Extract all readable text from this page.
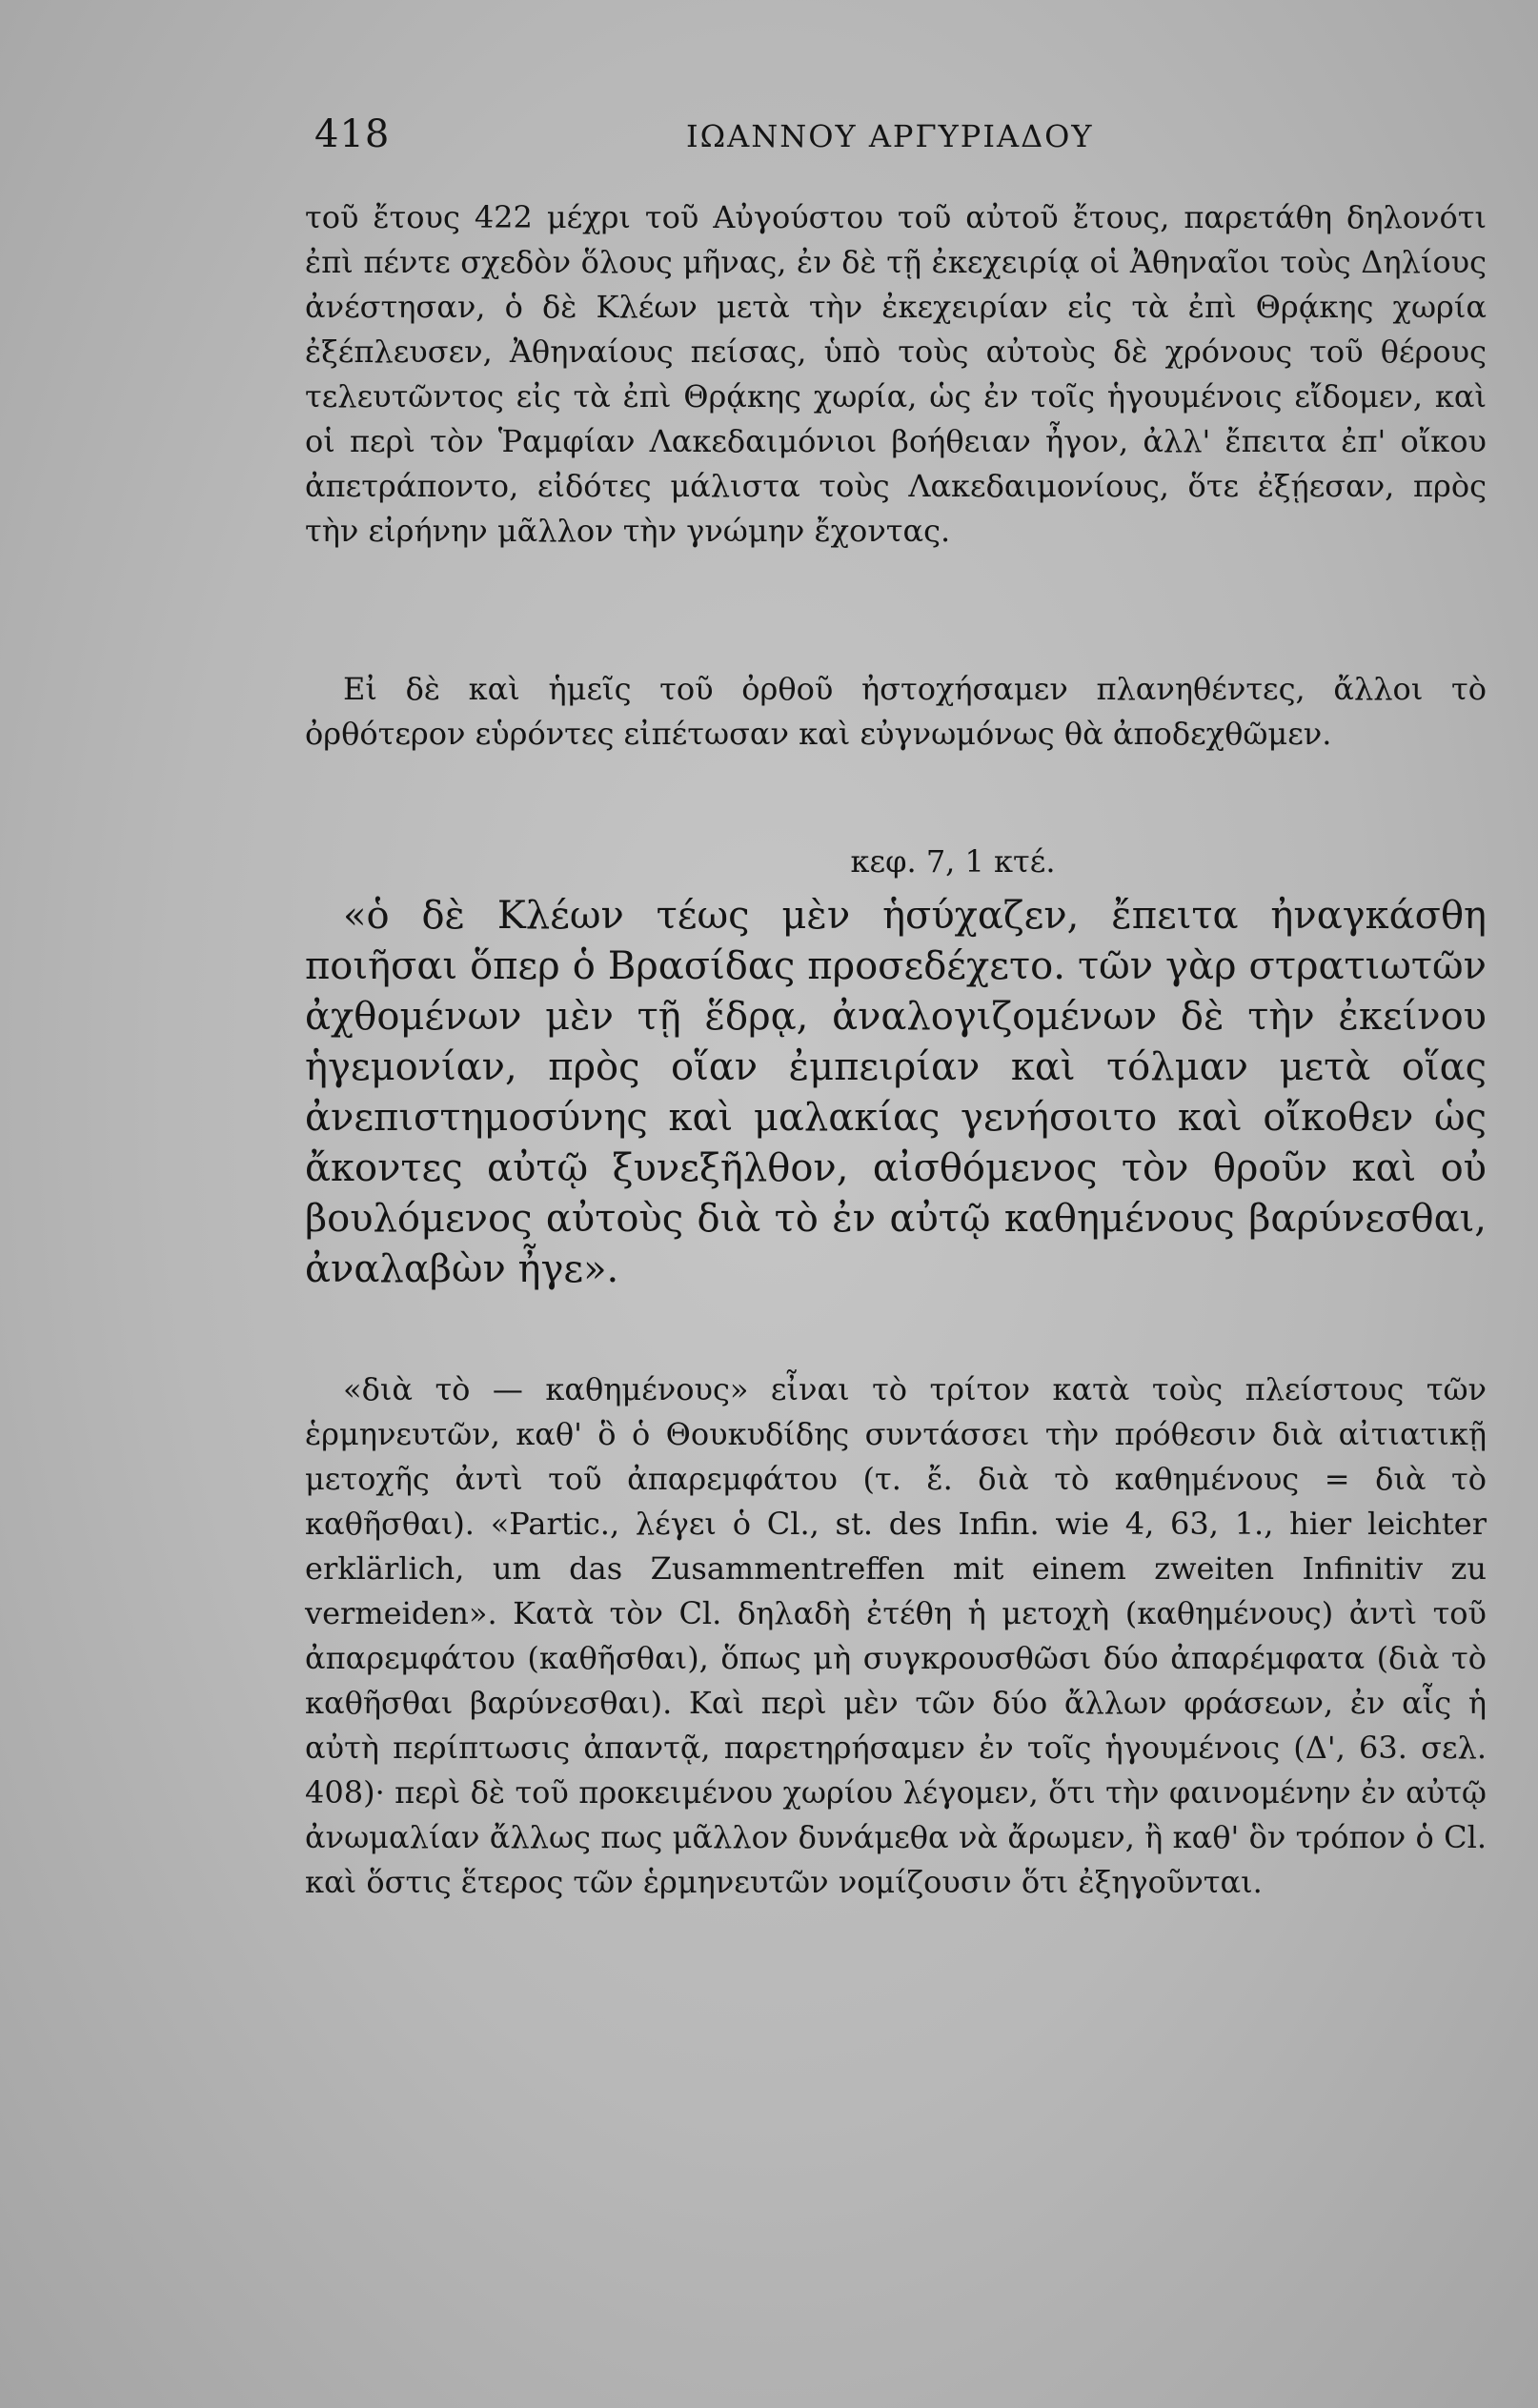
418	ΙΩΑΝΝΟΥ ΑΡΓΥΡΙΑΔΟΥ

τοῦ ἔτους 422 μέχρι τοῦ Αὐγούστου τοῦ αὐτοῦ ἔτους, παρετάθη δηλονότι ἐπὶ πέντε σχεδὸν ὅλους μῆνας, ἐν δὲ τῇ ἐκεχειρίᾳ οἱ Ἀθηναῖοι τοὺς Δηλίους ἀνέστησαν, ὁ δὲ Κλέων μετὰ τὴν ἐκεχειρίαν εἰς τὰ ἐπὶ Θρᾴκης χωρία ἐξέπλευσεν, Ἀθηναίους πείσας, ὑπὸ τοὺς αὐτοὺς δὲ χρόνους τοῦ θέρους τελευτῶντος εἰς τὰ ἐπὶ Θρᾴκης χωρία, ὡς ἐν τοῖς ἡγουμένοις εἴδομεν, καὶ οἱ περὶ τὸν Ῥαμφίαν Λακεδαιμόνιοι βοήθειαν ἦγον, ἀλλ' ἔπειτα ἐπ' οἴκου ἀπετράποντο, εἰδότες μάλιστα τοὺς Λακεδαιμονίους, ὅτε ἐξῄεσαν, πρὸς τὴν εἰρήνην μᾶλλον τὴν γνώμην ἔχοντας.

Εἰ δὲ καὶ ἡμεῖς τοῦ ὀρθοῦ ἠστοχήσαμεν πλανηθέντες, ἄλλοι τὸ ὀρθότερον εὑρόντες εἰπέτωσαν καὶ εὐγνωμόνως θὰ ἀποδεχθῶμεν.

κεφ. 7, 1 κτέ.

«ὁ δὲ Κλέων τέως μὲν ἡσύχαζεν, ἔπειτα ἠναγκάσθη ποιῆσαι ὅπερ ὁ Βρασίδας προσεδέχετο. τῶν γὰρ στρατιωτῶν ἀχθομένων μὲν τῇ ἕδρᾳ, ἀναλογιζομένων δὲ τὴν ἐκείνου ἡγεμονίαν, πρὸς οἵαν ἐμπειρίαν καὶ τόλμαν μετὰ οἵας ἀνεπιστημοσύνης καὶ μαλακίας γενήσοιτο καὶ οἴκοθεν ὡς ἄκοντες αὐτῷ ξυνεξῆλθον, αἰσθόμενος τὸν θροῦν καὶ οὐ βουλόμενος αὐτοὺς διὰ τὸ ἐν αὐτῷ καθημένους βαρύνεσθαι, ἀναλαβὼν ἦγε».

«διὰ τὸ — καθημένους» εἶναι τὸ τρίτον κατὰ τοὺς πλείστους τῶν ἑρμηνευτῶν, καθ' ὃ ὁ Θουκυδίδης συντάσσει τὴν πρόθεσιν διὰ αἰτιατικῇ μετοχῆς ἀντὶ τοῦ ἀπαρεμφάτου (τ. ἔ. διὰ τὸ καθημένους = διὰ τὸ καθῆσθαι). «Partic., λέγει ὁ Cl., st. des Infin. wie 4, 63, 1., hier leichter erklärlich, um das Zusammentreffen mit einem zweiten Infinitiv zu vermeiden». Κατὰ τὸν Cl. δηλαδὴ ἐτέθη ἡ μετοχὴ (καθημένους) ἀντὶ τοῦ ἀπαρεμφάτου (καθῆσθαι), ὅπως μὴ συγκρουσθῶσι δύο ἀπαρέμφατα (διὰ τὸ καθῆσθαι βαρύνεσθαι). Καὶ περὶ μὲν τῶν δύο ἄλλων φράσεων, ἐν αἷς ἡ αὐτὴ περίπτωσις ἀπαντᾷ, παρετηρήσαμεν ἐν τοῖς ἡγουμένοις (Δ', 63. σελ. 408)· περὶ δὲ τοῦ προκειμένου χωρίου λέγομεν, ὅτι τὴν φαινομένην ἐν αὐτῷ ἀνωμαλίαν ἄλλως πως μᾶλλον δυνάμεθα νὰ ἄρωμεν, ἢ καθ' ὃν τρόπον ὁ Cl. καὶ ὅστις ἕτερος τῶν ἑρμηνευτῶν νομίζουσιν ὅτι ἐξηγοῦνται.
